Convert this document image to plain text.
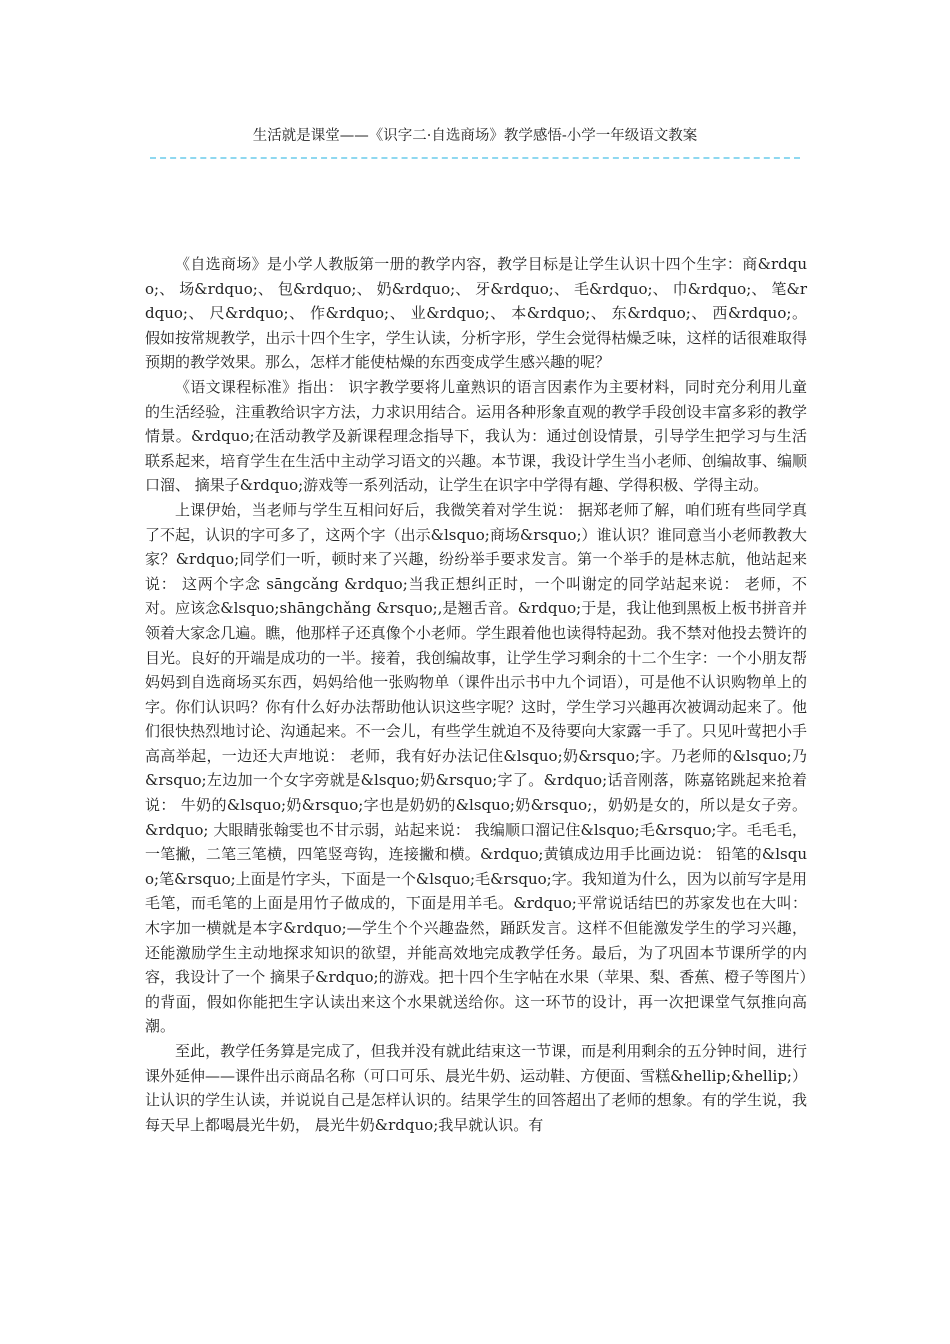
生活就是课堂——《识字二·自选商场》教学感悟-小学一年级语文教案

《自选商场》是小学人教版第一册的教学内容，教学目标是让学生认识十四个生字：商&rdquo;、 场&rdquo;、 包&rdquo;、 奶&rdquo;、 牙&rdquo;、 毛&rdquo;、 巾&rdquo;、 笔&rdquo;、 尺&rdquo;、 作&rdquo;、 业&rdquo;、 本&rdquo;、 东&rdquo;、 西&rdquo;。假如按常规教学，出示十四个生字，学生认读，分析字形，学生会觉得枯燥乏味，这样的话很难取得预期的教学效果。那么，怎样才能使枯燥的东西变成学生感兴趣的呢？

《语文课程标准》指出： 识字教学要将儿童熟识的语言因素作为主要材料，同时充分利用儿童的生活经验，注重教给识字方法，力求识用结合。运用各种形象直观的教学手段创设丰富多彩的教学情景。&rdquo;在活动教学及新课程理念指导下，我认为：通过创设情景，引导学生把学习与生活联系起来，培育学生在生活中主动学习语文的兴趣。本节课，我设计学生当小老师、创编故事、编顺口溜、 摘果子&rdquo;游戏等一系列活动，让学生在识字中学得有趣、学得积极、学得主动。

上课伊始，当老师与学生互相问好后，我微笑着对学生说： 据郑老师了解，咱们班有些同学真了不起，认识的字可多了，这两个字（出示&lsquo;商场&rsquo;）谁认识？谁同意当小老师教教大家？&rdquo;同学们一听，顿时来了兴趣，纷纷举手要求发言。第一个举手的是林志航，他站起来说： 这两个字念 sāngcǎng &rdquo;当我正想纠正时，一个叫谢定的同学站起来说： 老师，不对。应该念&lsquo;shāngchǎng &rsquo;,是翘舌音。&rdquo;于是，我让他到黑板上板书拼音并领着大家念几遍。瞧，他那样子还真像个小老师。学生跟着他也读得特起劲。我不禁对他投去赞许的目光。良好的开端是成功的一半。接着，我创编故事，让学生学习剩余的十二个生字：一个小朋友帮妈妈到自选商场买东西，妈妈给他一张购物单（课件出示书中九个词语），可是他不认识购物单上的字。你们认识吗？你有什么好办法帮助他认识这些字呢？这时，学生学习兴趣再次被调动起来了。他们很快热烈地讨论、沟通起来。不一会儿，有些学生就迫不及待要向大家露一手了。只见叶莺把小手高高举起，一边还大声地说： 老师，我有好办法记住&lsquo;奶&rsquo;字。乃老师的&lsquo;乃&rsquo;左边加一个女字旁就是&lsquo;奶&rsquo;字了。&rdquo;话音刚落，陈嘉铭跳起来抢着说： 牛奶的&lsquo;奶&rsquo;字也是奶奶的&lsquo;奶&rsquo;，奶奶是女的，所以是女子旁。&rdquo; 大眼睛张翰雯也不甘示弱，站起来说： 我编顺口溜记住&lsquo;毛&rsquo;字。毛毛毛，一笔撇，二笔三笔横，四笔竖弯钩，连接撇和横。&rdquo;黄镇成边用手比画边说： 铅笔的&lsquo;笔&rsquo;上面是竹字头，下面是一个&lsquo;毛&rsquo;字。我知道为什么，因为以前写字是用毛笔，而毛笔的上面是用竹子做成的，下面是用羊毛。&rdquo;平常说话结巴的苏家发也在大叫： 木字加一横就是本字&rdquo;—学生个个兴趣盎然，踊跃发言。这样不但能激发学生的学习兴趣，还能激励学生主动地探求知识的欲望，并能高效地完成教学任务。最后，为了巩固本节课所学的内容，我设计了一个 摘果子&rdquo;的游戏。把十四个生字帖在水果（苹果、梨、香蕉、橙子等图片）的背面，假如你能把生字认读出来这个水果就送给你。这一环节的设计，再一次把课堂气氛推向高潮。

至此，教学任务算是完成了，但我并没有就此结束这一节课，而是利用剩余的五分钟时间，进行课外延伸——课件出示商品名称（可口可乐、晨光牛奶、运动鞋、方便面、雪糕&hellip;&hellip;）让认识的学生认读，并说说自己是怎样认识的。结果学生的回答超出了老师的想象。有的学生说，我每天早上都喝晨光牛奶， 晨光牛奶&rdquo;我早就认识。有
